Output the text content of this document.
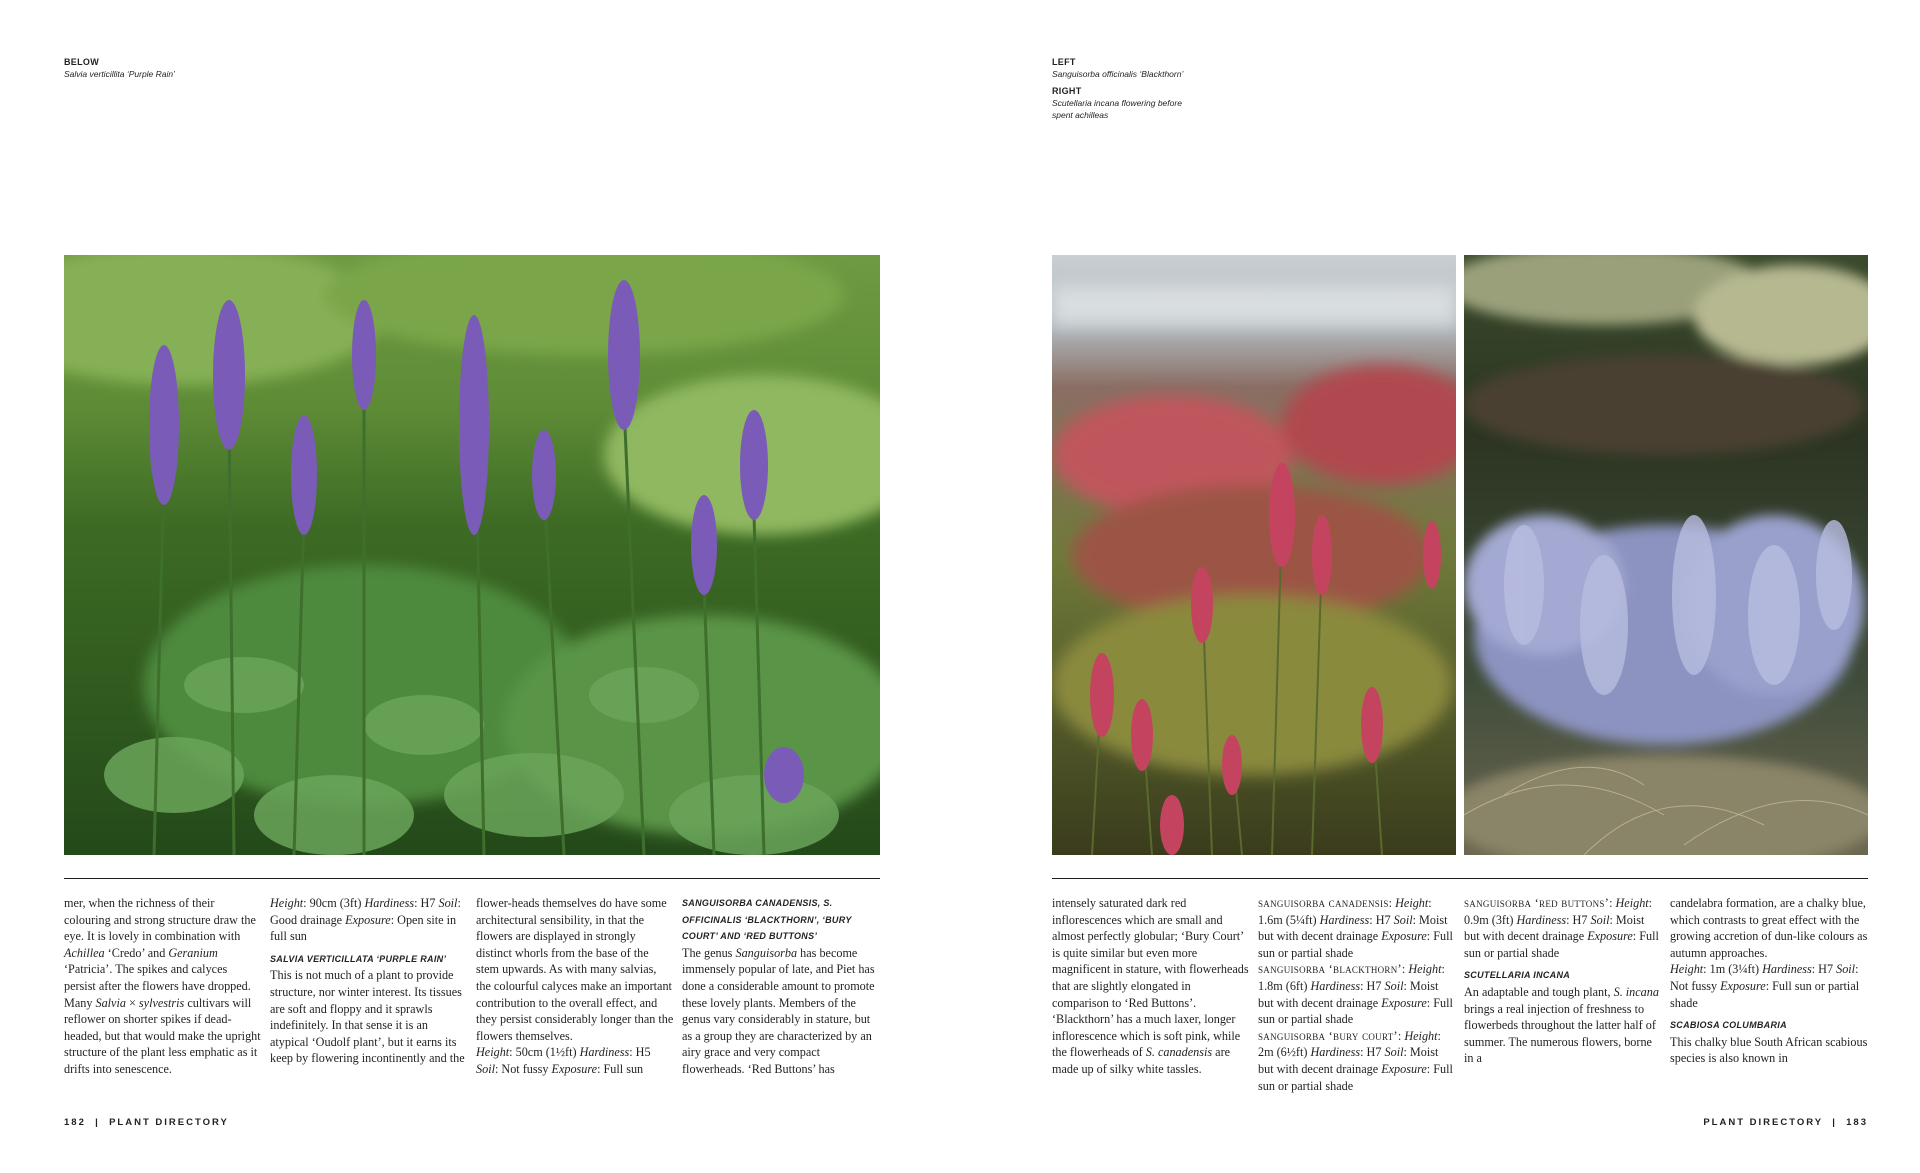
BELOW
Salvia verticillita ‘Purple Rain’
LEFT
Sanguisorba officinalis ‘Blackthorn’
RIGHT
Scutellaria incana flowering before spent achilleas

mer, when the richness of their colouring and strong structure draw the eye. It is lovely in combination with Achillea ‘Credo’ and Geranium ‘Patricia’. The spikes and calyces persist after the flowers have dropped. Many Salvia × sylvestris cultivars will reflower on shorter spikes if dead-headed, but that would make the upright structure of the plant less emphatic as it drifts into senescence.

Height: 90cm (3ft) Hardiness: H7 Soil: Good drainage Exposure: Open site in full sun

SALVIA VERTICILLATA ‘PURPLE RAIN’

This is not much of a plant to provide structure, nor winter interest. Its tissues are soft and floppy and it sprawls indefinitely. In that sense it is an atypical ‘Oudolf plant’, but it earns its keep by flowering incontinently and the

flower-heads themselves do have some architectural sensibility, in that the flowers are displayed in strongly distinct whorls from the base of the stem upwards. As with many salvias, the colourful calyces make an important contribution to the overall effect, and they persist considerably longer than the flowers themselves.

Height: 50cm (1½ft) Hardiness: H5 Soil: Not fussy Exposure: Full sun

SANGUISORBA CANADENSIS, S. OFFICINALIS ‘BLACKTHORN’, ‘BURY COURT’ AND ‘RED BUTTONS’

The genus Sanguisorba has become immensely popular of late, and Piet has done a considerable amount to promote these lovely plants. Members of the genus vary considerably in stature, but as a group they are characterized by an airy grace and very compact flowerheads. ‘Red Buttons’ has

intensely saturated dark red inflorescences which are small and almost perfectly globular; ‘Bury Court’ is quite similar but even more magnificent in stature, with flowerheads that are slightly elongated in comparison to ‘Red Buttons’. ‘Blackthorn’ has a much laxer, longer inflorescence which is soft pink, while the flowerheads of S. canadensis are made up of silky white tassles.

sanguisorba canadensis: Height: 1.6m (5¼ft) Hardiness: H7 Soil: Moist but with decent drainage Exposure: Full sun or partial shade

sanguisorba ‘blackthorn’: Height: 1.8m (6ft) Hardiness: H7 Soil: Moist but with decent drainage Exposure: Full sun or partial shade

sanguisorba ‘bury court’: Height: 2m (6½ft) Hardiness: H7 Soil: Moist but with decent drainage Exposure: Full sun or partial shade

sanguisorba ‘red buttons’: Height: 0.9m (3ft) Hardiness: H7 Soil: Moist but with decent drainage Exposure: Full sun or partial shade

SCUTELLARIA INCANA

An adaptable and tough plant, S. incana brings a real injection of freshness to flowerbeds throughout the latter half of summer. The numerous flowers, borne in a

candelabra formation, are a chalky blue, which contrasts to great effect with the growing accretion of dun-like colours as autumn approaches.

Height: 1m (3¼ft) Hardiness: H7 Soil: Not fussy Exposure: Full sun or partial shade

SCABIOSA COLUMBARIA

This chalky blue South African scabious species is also known in

182 | PLANT DIRECTORY	PLANT DIRECTORY | 183
